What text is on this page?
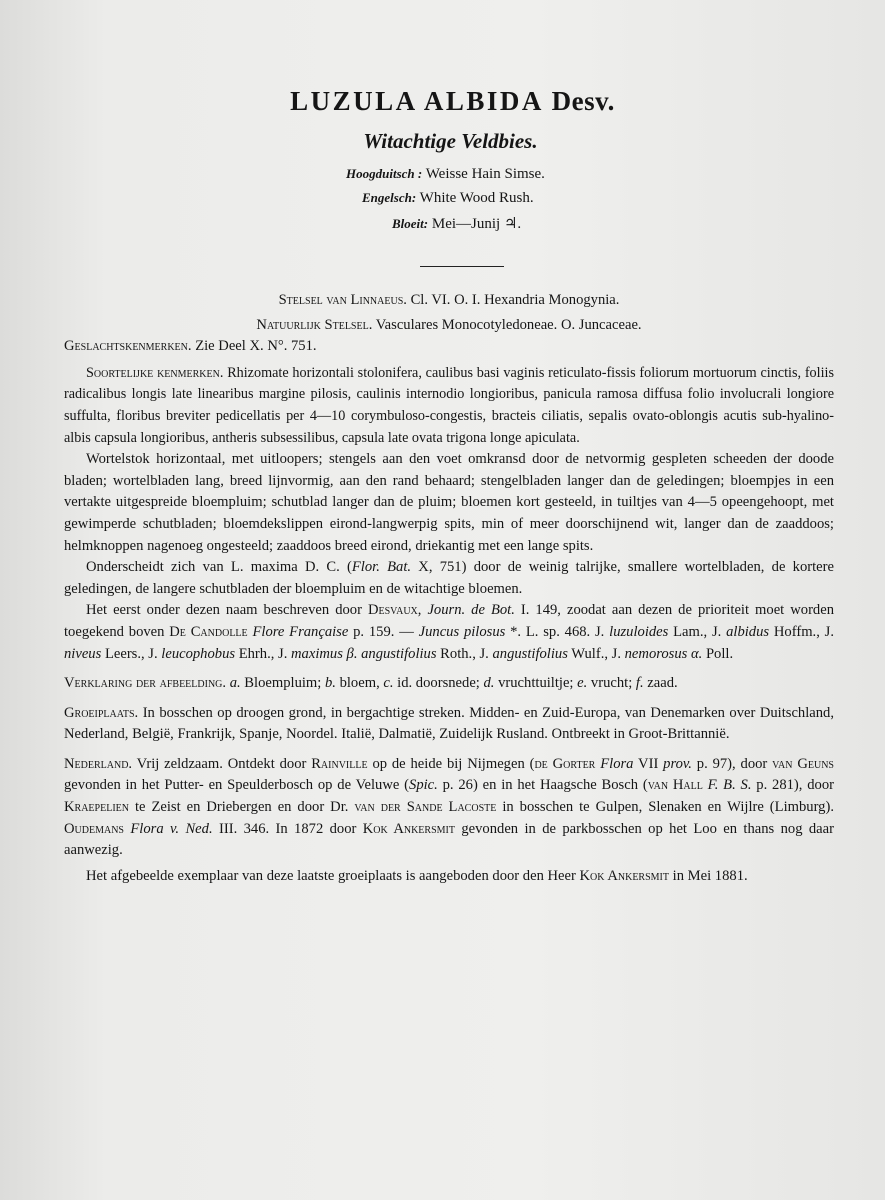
LUZULA ALBIDA Desv.
Witachtige Veldbies.
Hoogduitsch : Weisse Hain Simse.
Engelsch: White Wood Rush.
Bloeit: Mei—Junij ♃.

Stelsel van Linnaeus. Cl. VI. O. I. Hexandria Monogynia.

Natuurlijk Stelsel. Vasculares Monocotyledoneae. O. Juncaceae.

Geslachtskenmerken. Zie Deel X. N°. 751.

Soortelijke kenmerken. Rhizomate horizontali stolonifera, caulibus basi vaginis reticulato-fissis foliorum mortuorum cinctis, foliis radicalibus longis late linearibus margine pilosis, caulinis internodio longioribus, panicula ramosa diffusa folio involucrali longiore suffulta, floribus breviter pedicellatis per 4—10 corymbuloso-congestis, bracteis ciliatis, sepalis ovato-oblongis acutis sub-hyalino-albis capsula longioribus, antheris subsessilibus, capsula late ovata trigona longe apiculata.

Wortelstok horizontaal, met uitloopers; stengels aan den voet omkransd door de netvormig gespleten scheeden der doode bladen; wortelbladen lang, breed lijnvormig, aan den rand behaard; stengelbladen langer dan de geledingen; bloempjes in een vertakte uitgespreide bloempluim; schutblad langer dan de pluim; bloemen kort gesteeld, in tuiltjes van 4—5 opeengehoopt, met gewimperde schutbladen; bloemdekslippen eirond-langwerpig spits, min of meer doorschijnend wit, langer dan de zaaddoos; helmknoppen nagenoeg ongesteeld; zaaddoos breed eirond, driekantig met een lange spits.

Onderscheidt zich van L. maxima D. C. (Flor. Bat. X, 751) door de weinig talrijke, smallere wortelbladen, de kortere geledingen, de langere schutbladen der bloempluim en de witachtige bloemen.

Het eerst onder dezen naam beschreven door Desvaux, Journ. de Bot. I. 149, zoodat aan dezen de prioriteit moet worden toegekend boven De Candolle Flore Française p. 159. — Juncus pilosus *. L. sp. 468. J. luzuloides Lam., J. albidus Hoffm., J. niveus Leers., J. leucophobus Ehrh., J. maximus β. angustifolius Roth., J. angustifolius Wulf., J. nemorosus α. Poll.

Verklaring der afbeelding. a. Bloempluim; b. bloem, c. id. doorsnede; d. vruchttuiltje; e. vrucht; f. zaad.

Groeiplaats. In bosschen op droogen grond, in bergachtige streken. Midden- en Zuid-Europa, van Denemarken over Duitschland, Nederland, België, Frankrijk, Spanje, Noordel. Italië, Dalmatië, Zuidelijk Rusland. Ontbreekt in Groot-Brittannië.

Nederland. Vrij zeldzaam. Ontdekt door Rainville op de heide bij Nijmegen (de Gorter Flora VII prov. p. 97), door van Geuns gevonden in het Putter- en Speulderbosch op de Veluwe (Spic. p. 26) en in het Haagsche Bosch (van Hall F. B. S. p. 281), door Kraepelien te Zeist en Driebergen en door Dr. van der Sande Lacoste in bosschen te Gulpen, Slenaken en Wijlre (Limburg). Oudemans Flora v. Ned. III. 346. In 1872 door Kok Ankersmit gevonden in de parkbosschen op het Loo en thans nog daar aanwezig.

Het afgebeelde exemplaar van deze laatste groeiplaats is aangeboden door den Heer Kok Ankersmit in Mei 1881.
